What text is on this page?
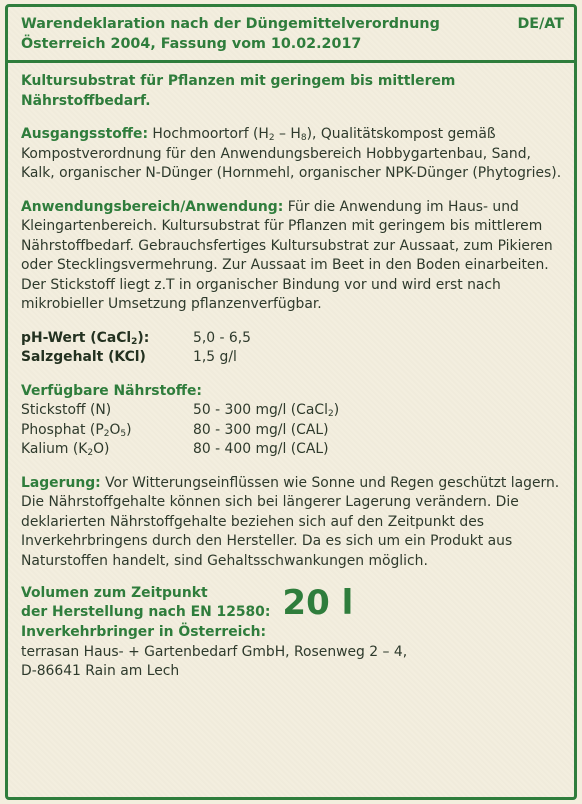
Warendeklaration nach der Düngemittelverordnung
Österreich 2004, Fassung vom 10.02.2017
DE/AT
Kultursubstrat für Pflanzen mit geringem bis mittlerem Nährstoffbedarf.
Ausgangsstoffe: Hochmoortorf $(H_2 - H_8)$, Qualitätskompost gemäß Kompostverordnung für den Anwendungsbereich Hobbygartenbau, Sand, Kalk, organischer N-Dünger (Hornmehl, organischer NPK-Dünger (Phytogries).
Anwendungsbereich/Anwendung: Für die Anwendung im Haus- und Kleingartenbereich. Kultursubstrat für Pflanzen mit geringem bis mittlerem Nährstoffbedarf. Gebrauchsfertiges Kultursubstrat zur Aussaat, zum Pikieren oder Stecklingsvermehrung. Zur Aussaat im Beet in den Boden einarbeiten. Der Stickstoff liegt z.T in organischer Bindung vor und wird erst nach mikrobieller Umsetzung pflanzenverfügbar.
pH-Wert (CaCl$_2$):	5,0 - 6,5
Salzgehalt (KCl)	1,5 g/l
Verfügbare Nährstoffe:
Stickstoff (N)	50 - 300 mg/l (CaCl$_2$)
Phosphat $(P_2O_5)$	80 - 300 mg/l (CAL)
Kalium $(K_2O)$	80 - 400 mg/l (CAL)
Lagerung: Vor Witterungseinflüssen wie Sonne und Regen geschützt lagern. Die Nährstoffgehalte können sich bei längerer Lagerung verändern. Die deklarierten Nährstoffgehalte beziehen sich auf den Zeitpunkt des Inverkehrbringens durch den Hersteller. Da es sich um ein Produkt aus Naturstoffen handelt, sind Gehaltsschwankungen möglich.
Volumen zum Zeitpunkt
der Herstellung nach EN 12580: 20 l
Inverkehrbringer in Österreich:
terrasan Haus- + Gartenbedarf GmbH, Rosenweg 2 – 4,
D-86641 Rain am Lech
